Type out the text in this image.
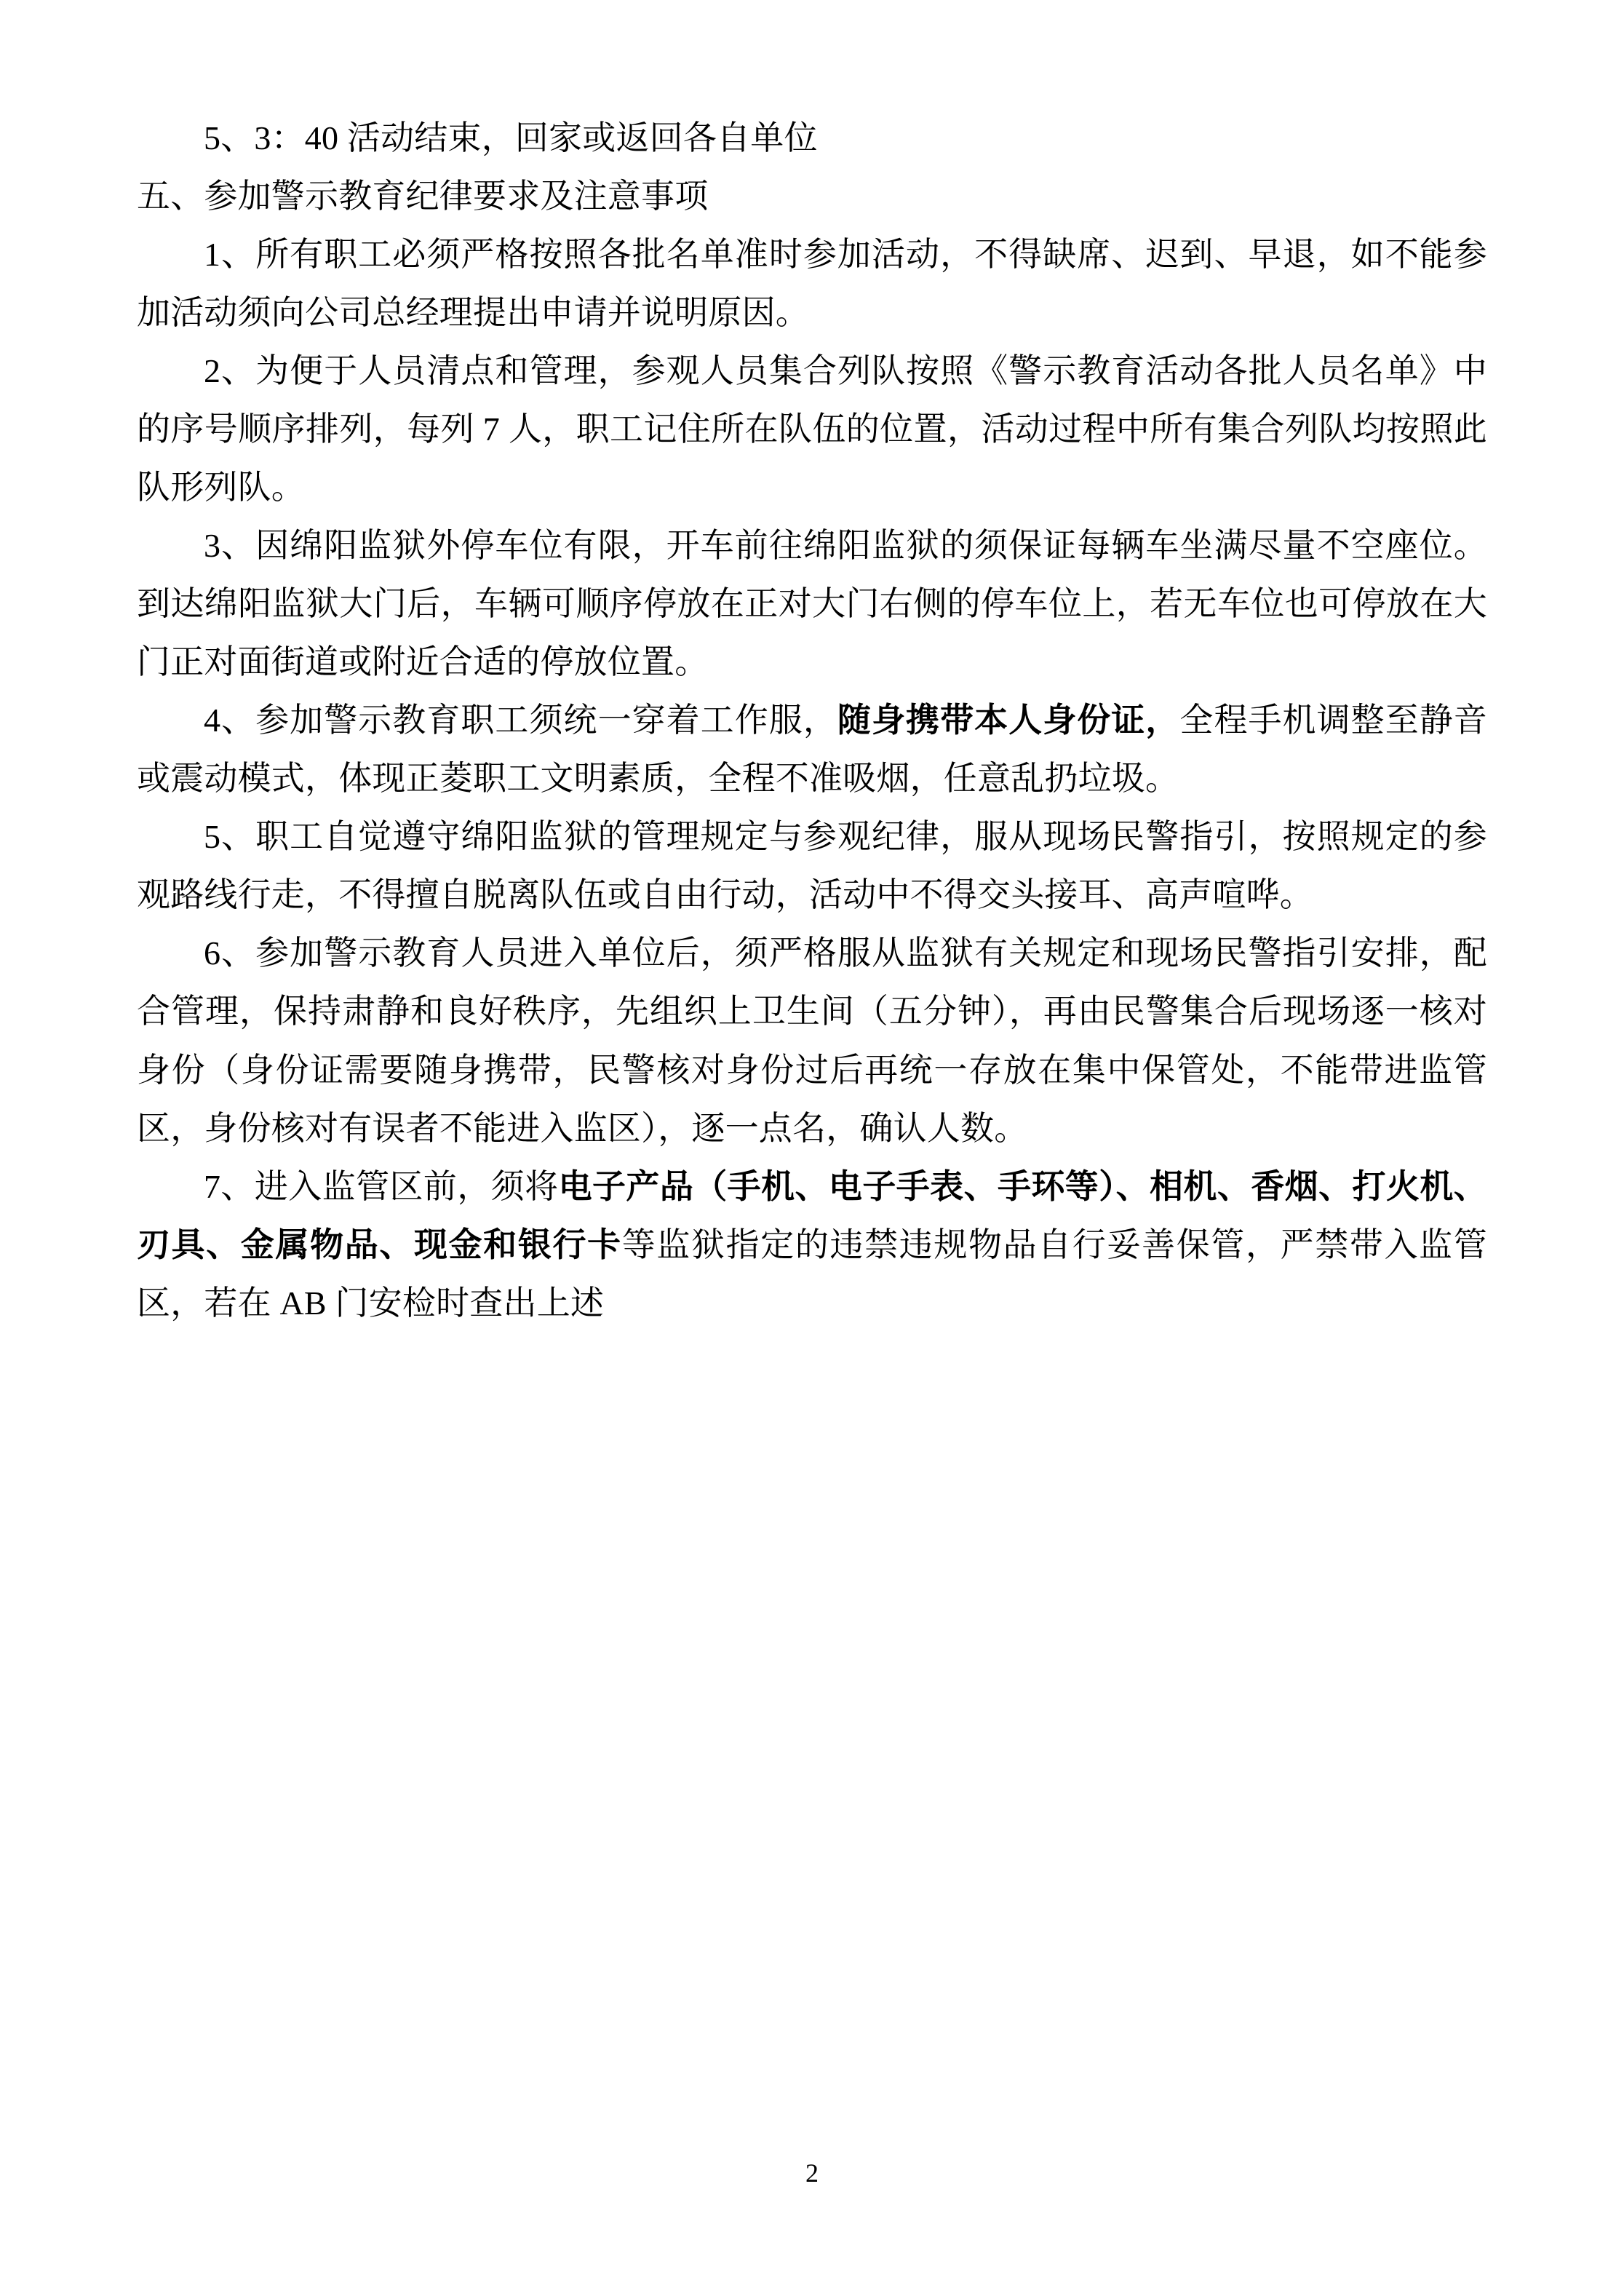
5、3：40 活动结束，回家或返回各自单位

五、参加警示教育纪律要求及注意事项

1、所有职工必须严格按照各批名单准时参加活动，不得缺席、迟到、早退，如不能参加活动须向公司总经理提出申请并说明原因。

2、为便于人员清点和管理，参观人员集合列队按照《警示教育活动各批人员名单》中的序号顺序排列，每列 7 人，职工记住所在队伍的位置，活动过程中所有集合列队均按照此队形列队。

3、因绵阳监狱外停车位有限，开车前往绵阳监狱的须保证每辆车坐满尽量不空座位。到达绵阳监狱大门后，车辆可顺序停放在正对大门右侧的停车位上，若无车位也可停放在大门正对面街道或附近合适的停放位置。

4、参加警示教育职工须统一穿着工作服，随身携带本人身份证，全程手机调整至静音或震动模式，体现正菱职工文明素质，全程不准吸烟，任意乱扔垃圾。

5、职工自觉遵守绵阳监狱的管理规定与参观纪律，服从现场民警指引，按照规定的参观路线行走，不得擅自脱离队伍或自由行动，活动中不得交头接耳、高声喧哗。

6、参加警示教育人员进入单位后，须严格服从监狱有关规定和现场民警指引安排，配合管理，保持肃静和良好秩序，先组织上卫生间（五分钟），再由民警集合后现场逐一核对身份（身份证需要随身携带，民警核对身份过后再统一存放在集中保管处，不能带进监管区，身份核对有误者不能进入监区），逐一点名，确认人数。

7、进入监管区前，须将电子产品（手机、电子手表、手环等）、相机、香烟、打火机、刃具、金属物品、现金和银行卡等监狱指定的违禁违规物品自行妥善保管，严禁带入监管区，若在 AB 门安检时查出上述

2
